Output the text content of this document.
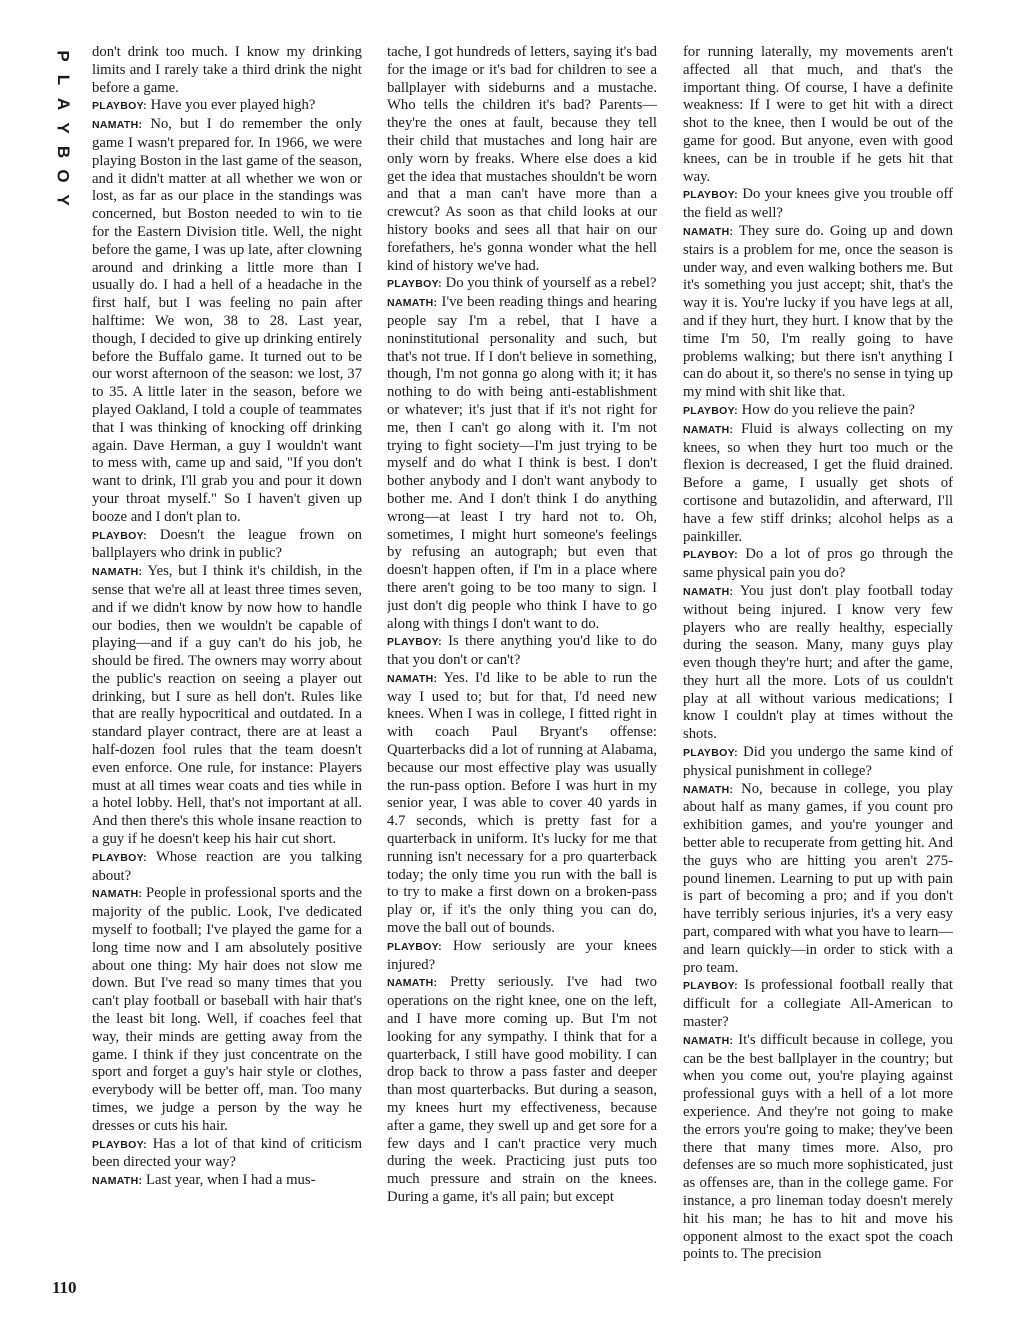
P
L
A
Y
B
O
Y

don't drink too much. I know my drinking limits and I rarely take a third drink the night before a game.

PLAYBOY: Have you ever played high?

NAMATH: No, but I do remember the only game I wasn't prepared for. In 1966, we were playing Boston in the last game of the season, and it didn't matter at all whether we won or lost, as far as our place in the standings was concerned, but Boston needed to win to tie for the Eastern Division title. Well, the night before the game, I was up late, after clowning around and drinking a little more than I usually do. I had a hell of a headache in the first half, but I was feeling no pain after halftime: We won, 38 to 28. Last year, though, I decided to give up drinking entirely before the Buffalo game. It turned out to be our worst afternoon of the season: we lost, 37 to 35. A little later in the season, before we played Oakland, I told a couple of teammates that I was thinking of knocking off drinking again. Dave Herman, a guy I wouldn't want to mess with, came up and said, "If you don't want to drink, I'll grab you and pour it down your throat myself." So I haven't given up booze and I don't plan to.

PLAYBOY: Doesn't the league frown on ballplayers who drink in public?

NAMATH: Yes, but I think it's childish, in the sense that we're all at least three times seven, and if we didn't know by now how to handle our bodies, then we wouldn't be capable of playing—and if a guy can't do his job, he should be fired. The owners may worry about the public's reaction on seeing a player out drinking, but I sure as hell don't. Rules like that are really hypocritical and outdated. In a standard player contract, there are at least a half-dozen fool rules that the team doesn't even enforce. One rule, for instance: Players must at all times wear coats and ties while in a hotel lobby. Hell, that's not important at all. And then there's this whole insane reaction to a guy if he doesn't keep his hair cut short.

PLAYBOY: Whose reaction are you talking about?

NAMATH: People in professional sports and the majority of the public. Look, I've dedicated myself to football; I've played the game for a long time now and I am absolutely positive about one thing: My hair does not slow me down. But I've read so many times that you can't play football or baseball with hair that's the least bit long. Well, if coaches feel that way, their minds are getting away from the game. I think if they just concentrate on the sport and forget a guy's hair style or clothes, everybody will be better off, man. Too many times, we judge a person by the way he dresses or cuts his hair.

PLAYBOY: Has a lot of that kind of criticism been directed your way?

NAMATH: Last year, when I had a mus-

tache, I got hundreds of letters, saying it's bad for the image or it's bad for children to see a ballplayer with sideburns and a mustache. Who tells the children it's bad? Parents—they're the ones at fault, because they tell their child that mustaches and long hair are only worn by freaks. Where else does a kid get the idea that mustaches shouldn't be worn and that a man can't have more than a crewcut? As soon as that child looks at our history books and sees all that hair on our forefathers, he's gonna wonder what the hell kind of history we've had.

PLAYBOY: Do you think of yourself as a rebel?

NAMATH: I've been reading things and hearing people say I'm a rebel, that I have a noninstitutional personality and such, but that's not true. If I don't believe in something, though, I'm not gonna go along with it; it has nothing to do with being anti-establishment or whatever; it's just that if it's not right for me, then I can't go along with it. I'm not trying to fight society—I'm just trying to be myself and do what I think is best. I don't bother anybody and I don't want anybody to bother me. And I don't think I do anything wrong—at least I try hard not to. Oh, sometimes, I might hurt someone's feelings by refusing an autograph; but even that doesn't happen often, if I'm in a place where there aren't going to be too many to sign. I just don't dig people who think I have to go along with things I don't want to do.

PLAYBOY: Is there anything you'd like to do that you don't or can't?

NAMATH: Yes. I'd like to be able to run the way I used to; but for that, I'd need new knees. When I was in college, I fitted right in with coach Paul Bryant's offense: Quarterbacks did a lot of running at Alabama, because our most effective play was usually the run-pass option. Before I was hurt in my senior year, I was able to cover 40 yards in 4.7 seconds, which is pretty fast for a quarterback in uniform. It's lucky for me that running isn't necessary for a pro quarterback today; the only time you run with the ball is to try to make a first down on a broken-pass play or, if it's the only thing you can do, move the ball out of bounds.

PLAYBOY: How seriously are your knees injured?

NAMATH: Pretty seriously. I've had two operations on the right knee, one on the left, and I have more coming up. But I'm not looking for any sympathy. I think that for a quarterback, I still have good mobility. I can drop back to throw a pass faster and deeper than most quarterbacks. But during a season, my knees hurt my effectiveness, because after a game, they swell up and get sore for a few days and I can't practice very much during the week. Practicing just puts too much pressure and strain on the knees. During a game, it's all pain; but except

for running laterally, my movements aren't affected all that much, and that's the important thing. Of course, I have a definite weakness: If I were to get hit with a direct shot to the knee, then I would be out of the game for good. But anyone, even with good knees, can be in trouble if he gets hit that way.

PLAYBOY: Do your knees give you trouble off the field as well?

NAMATH: They sure do. Going up and down stairs is a problem for me, once the season is under way, and even walking bothers me. But it's something you just accept; shit, that's the way it is. You're lucky if you have legs at all, and if they hurt, they hurt. I know that by the time I'm 50, I'm really going to have problems walking; but there isn't anything I can do about it, so there's no sense in tying up my mind with shit like that.

PLAYBOY: How do you relieve the pain?

NAMATH: Fluid is always collecting on my knees, so when they hurt too much or the flexion is decreased, I get the fluid drained. Before a game, I usually get shots of cortisone and butazolidin, and afterward, I'll have a few stiff drinks; alcohol helps as a painkiller.

PLAYBOY: Do a lot of pros go through the same physical pain you do?

NAMATH: You just don't play football today without being injured. I know very few players who are really healthy, especially during the season. Many, many guys play even though they're hurt; and after the game, they hurt all the more. Lots of us couldn't play at all without various medications; I know I couldn't play at times without the shots.

PLAYBOY: Did you undergo the same kind of physical punishment in college?

NAMATH: No, because in college, you play about half as many games, if you count pro exhibition games, and you're younger and better able to recuperate from getting hit. And the guys who are hitting you aren't 275-pound linemen. Learning to put up with pain is part of becoming a pro; and if you don't have terribly serious injuries, it's a very easy part, compared with what you have to learn—and learn quickly—in order to stick with a pro team.

PLAYBOY: Is professional football really that difficult for a collegiate All-American to master?

NAMATH: It's difficult because in college, you can be the best ballplayer in the country; but when you come out, you're playing against professional guys with a hell of a lot more experience. And they're not going to make the errors you're going to make; they've been there that many times more. Also, pro defenses are so much more sophisticated, just as offenses are, than in the college game. For instance, a pro lineman today doesn't merely hit his man; he has to hit and move his opponent almost to the exact spot the coach points to. The precision

110
